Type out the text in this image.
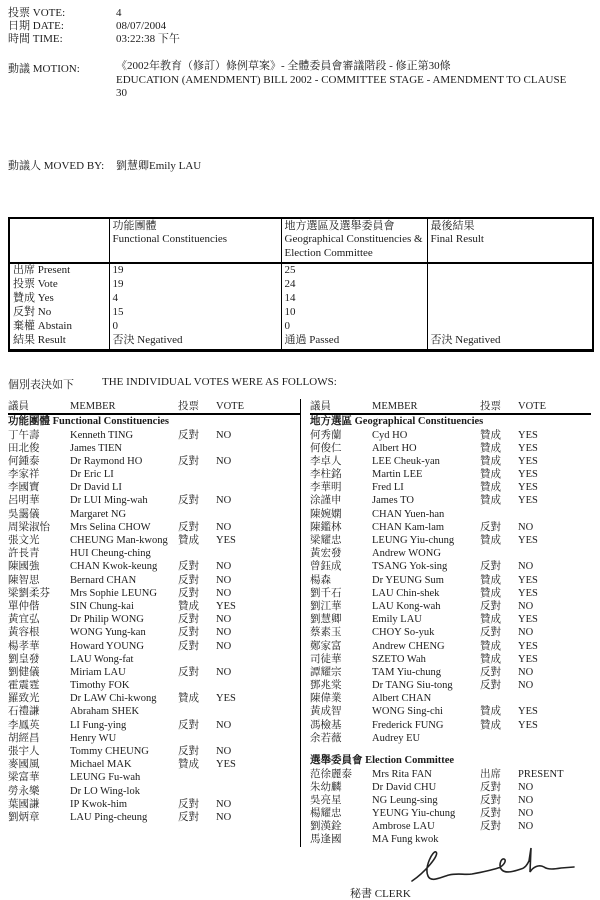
投票 VOTE:	4
日期 DATE:	08/07/2004
時間 TIME:	03:22:38 下午
動議 MOTION:	《2002年教育（修訂）條例草案》- 全體委員會審議階段 - 修正第30條
EDUCATION (AMENDMENT) BILL 2002 - COMMITTEE STAGE - AMENDMENT TO CLAUSE 30
動議人 MOVED BY:	劉慧卿Emily LAU

功能團體
Functional Constituencies

地方選區及選舉委員會
Geographical Constituencies & Election Committee

最後結果
Final Result

出席 Present	19	25	
投票 Vote	19	24	
贊成 Yes	4	14	
反對 No	15	10	
棄權 Abstain	0	0	
結果 Result	否決 Negatived	通過 Passed	否決 Negatived
個別表決如下	THE INDIVIDUAL VOTES WERE AS FOLLOWS:
議員	MEMBER	投票	VOTE
功能團體 Functional Constituencies
丁午壽	Kenneth TING	反對	NO
田北俊	James TIEN
何鍾泰	Dr Raymond HO	反對	NO
李家祥	Dr Eric LI
李國寶	Dr David LI
呂明華	Dr LUI Ming-wah	反對	NO
吳靄儀	Margaret NG
周梁淑怡	Mrs Selina CHOW	反對	NO
張文光	CHEUNG Man-kwong 贊成	YES
許長青	HUI Cheung-ching
陳國強	CHAN Kwok-keung	反對	NO
陳智思	Bernard CHAN	反對	NO
梁劉柔芬	Mrs Sophie LEUNG	反對	NO
單仲偕	SIN Chung-kai	贊成	YES
黃宜弘	Dr Philip WONG	反對	NO
黃容根	WONG Yung-kan	反對	NO
楊孝華	Howard YOUNG	反對	NO
劉皇發	LAU Wong-fat
劉健儀	Miriam LAU	反對	NO
霍震霆	Timothy FOK
羅致光	Dr LAW Chi-kwong	贊成	YES
石禮謙	Abraham SHEK
李鳳英	LI Fung-ying	反對	NO
胡經昌	Henry WU
張宇人	Tommy CHEUNG	反對	NO
麥國風	Michael MAK	贊成	YES
梁富華	LEUNG Fu-wah
勞永樂	Dr LO Wing-lok
葉國謙	IP Kwok-him	反對	NO
劉炳章	LAU Ping-cheung	反對	NO
議員	MEMBER	投票	VOTE
地方選區 Geographical Constituencies
何秀蘭	Cyd HO	贊成	YES
何俊仁	Albert HO	贊成	YES
李卓人	LEE Cheuk-yan	贊成	YES
李柱銘	Martin LEE	贊成	YES
李華明	Fred LI	贊成	YES
涂謹申	James TO	贊成	YES
陳婉嫻	CHAN Yuen-han
陳鑑林	CHAN Kam-lam	反對	NO
梁耀忠	LEUNG Yiu-chung	贊成	YES
黃宏發	Andrew WONG
曾鈺成	TSANG Yok-sing	反對	NO
楊森	Dr YEUNG Sum	贊成	YES
劉千石	LAU Chin-shek	贊成	YES
劉江華	LAU Kong-wah	反對	NO
劉慧卿	Emily LAU	贊成	YES
蔡素玉	CHOY So-yuk	反對	NO
鄭家富	Andrew CHENG	贊成	YES
司徒華	SZETO Wah	贊成	YES
譚耀宗	TAM Yiu-chung	反對	NO
鄧兆棠	Dr TANG Siu-tong	反對	NO
陳偉業	Albert CHAN
黃成智	WONG Sing-chi	贊成	YES
馮檢基	Frederick FUNG	贊成	YES
余若薇	Audrey EU
選舉委員會 Election Committee
范徐麗泰	Mrs Rita FAN	出席	PRESENT
朱幼麟	Dr David CHU	反對	NO
吳亮星	NG Leung-sing	反對	NO
楊耀忠	YEUNG Yiu-chung	反對	NO
劉漢銓	Ambrose LAU	反對	NO
馬逢國	MA Fung kwok
秘書 CLERK
